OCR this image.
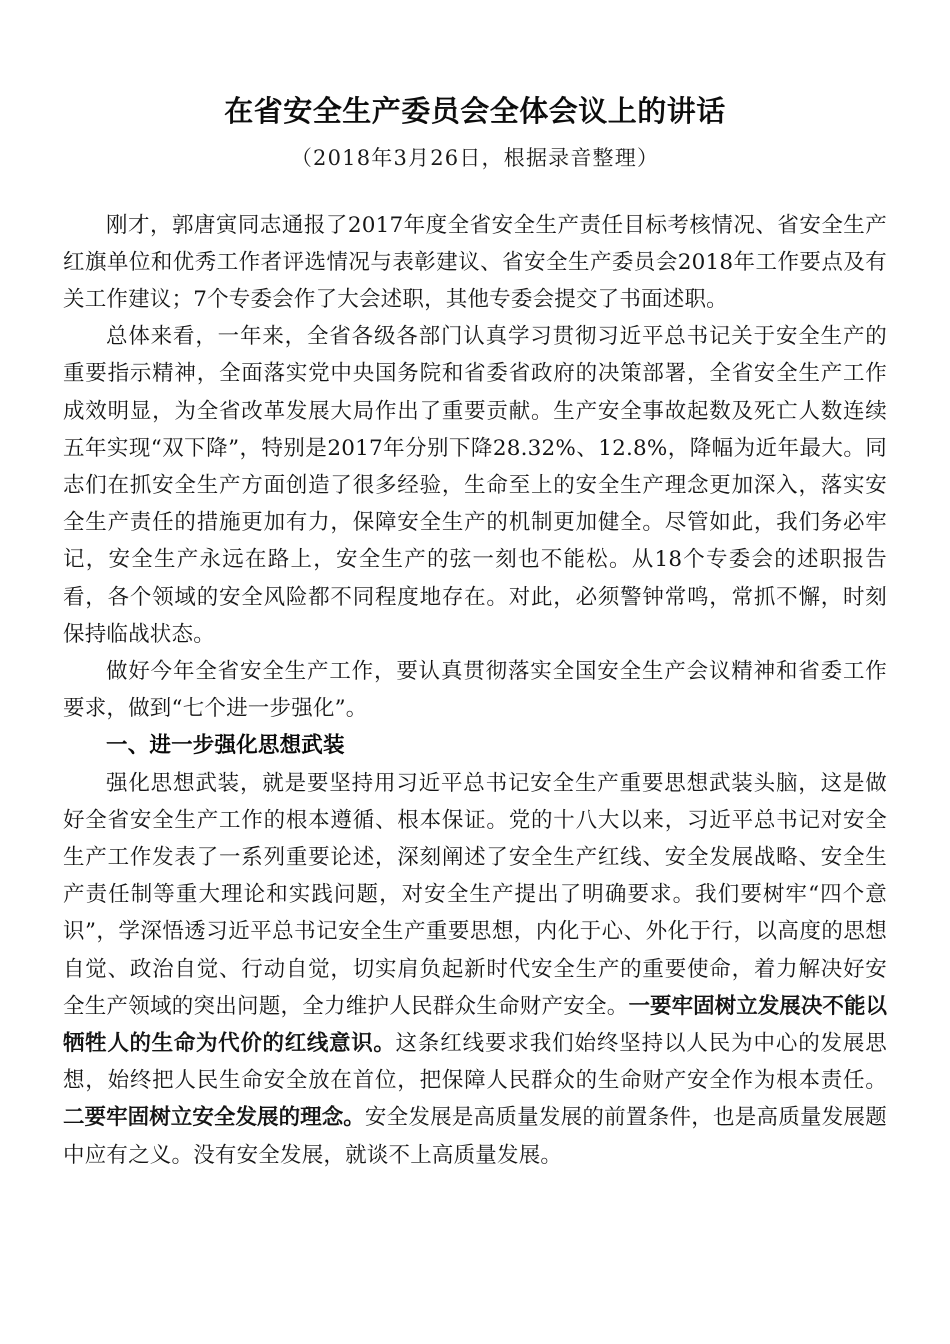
在省安全生产委员会全体会议上的讲话
（2018年3月26日，根据录音整理）

刚才，郭唐寅同志通报了2017年度全省安全生产责任目标考核情况、省安全生产红旗单位和优秀工作者评选情况与表彰建议、省安全生产委员会2018年工作要点及有关工作建议；7个专委会作了大会述职，其他专委会提交了书面述职。

总体来看，一年来，全省各级各部门认真学习贯彻习近平总书记关于安全生产的重要指示精神，全面落实党中央国务院和省委省政府的决策部署，全省安全生产工作成效明显，为全省改革发展大局作出了重要贡献。生产安全事故起数及死亡人数连续五年实现“双下降”，特别是2017年分别下降28.32%、12.8%，降幅为近年最大。同志们在抓安全生产方面创造了很多经验，生命至上的安全生产理念更加深入，落实安全生产责任的措施更加有力，保障安全生产的机制更加健全。尽管如此，我们务必牢记，安全生产永远在路上，安全生产的弦一刻也不能松。从18个专委会的述职报告看，各个领域的安全风险都不同程度地存在。对此，必须警钟常鸣，常抓不懈，时刻保持临战状态。

做好今年全省安全生产工作，要认真贯彻落实全国安全生产会议精神和省委工作要求，做到“七个进一步强化”。

一、进一步强化思想武装

强化思想武装，就是要坚持用习近平总书记安全生产重要思想武装头脑，这是做好全省安全生产工作的根本遵循、根本保证。党的十八大以来，习近平总书记对安全生产工作发表了一系列重要论述，深刻阐述了安全生产红线、安全发展战略、安全生产责任制等重大理论和实践问题，对安全生产提出了明确要求。我们要树牢“四个意识”，学深悟透习近平总书记安全生产重要思想，内化于心、外化于行，以高度的思想自觉、政治自觉、行动自觉，切实肩负起新时代安全生产的重要使命，着力解决好安全生产领域的突出问题，全力维护人民群众生命财产安全。一要牢固树立发展决不能以牺牲人的生命为代价的红线意识。这条红线要求我们始终坚持以人民为中心的发展思想，始终把人民生命安全放在首位，把保障人民群众的生命财产安全作为根本责任。二要牢固树立安全发展的理念。安全发展是高质量发展的前置条件，也是高质量发展题中应有之义。没有安全发展，就谈不上高质量发展。
